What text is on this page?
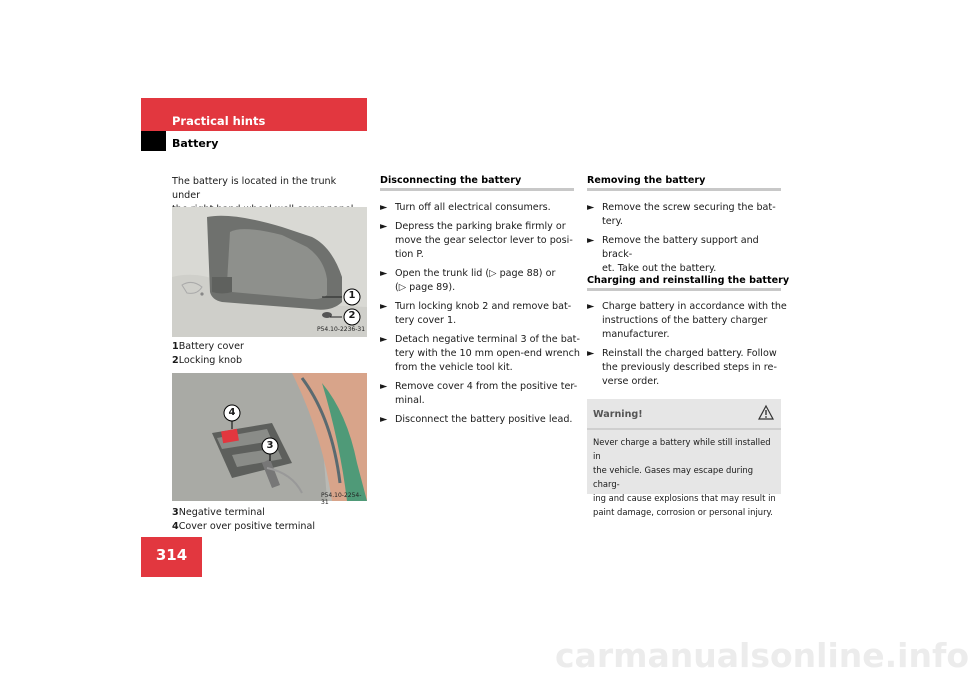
Practical hints
Battery
314
The battery is located in the trunk under
1
2
P54.10-2236-31
1Battery cover
2Locking knob
4
3
P54.10-2254-31
3Negative terminal
4Cover over positive terminal
Disconnecting the battery
► Turn off all electrical consumers.
► Depress the parking brake firmly or
move the gear selector lever to posi-
tion P.
► Open the trunk lid (▷ page 88) or
(▷ page 89).
► Turn locking knob 2 and remove bat-
tery cover 1.
► Detach negative terminal 3 of the bat-
tery with the 10 mm open-end wrench
from the vehicle tool kit.
► Remove cover 4 from the positive ter-
minal.
► Disconnect the battery positive lead.
Removing the battery
► Remove the screw securing the bat-
tery.
► Remove the battery support and brack-
et. Take out the battery.
Charging and reinstalling the battery
► Charge battery in accordance with the
instructions of the battery charger
manufacturer.
► Reinstall the charged battery. Follow
the previously described steps in re-
verse order.
Warning!
Never charge a battery while still installed in
the vehicle. Gases may escape during charg-
ing and cause explosions that may result in
paint damage, corrosion or personal injury.
carmanualsonline.info
